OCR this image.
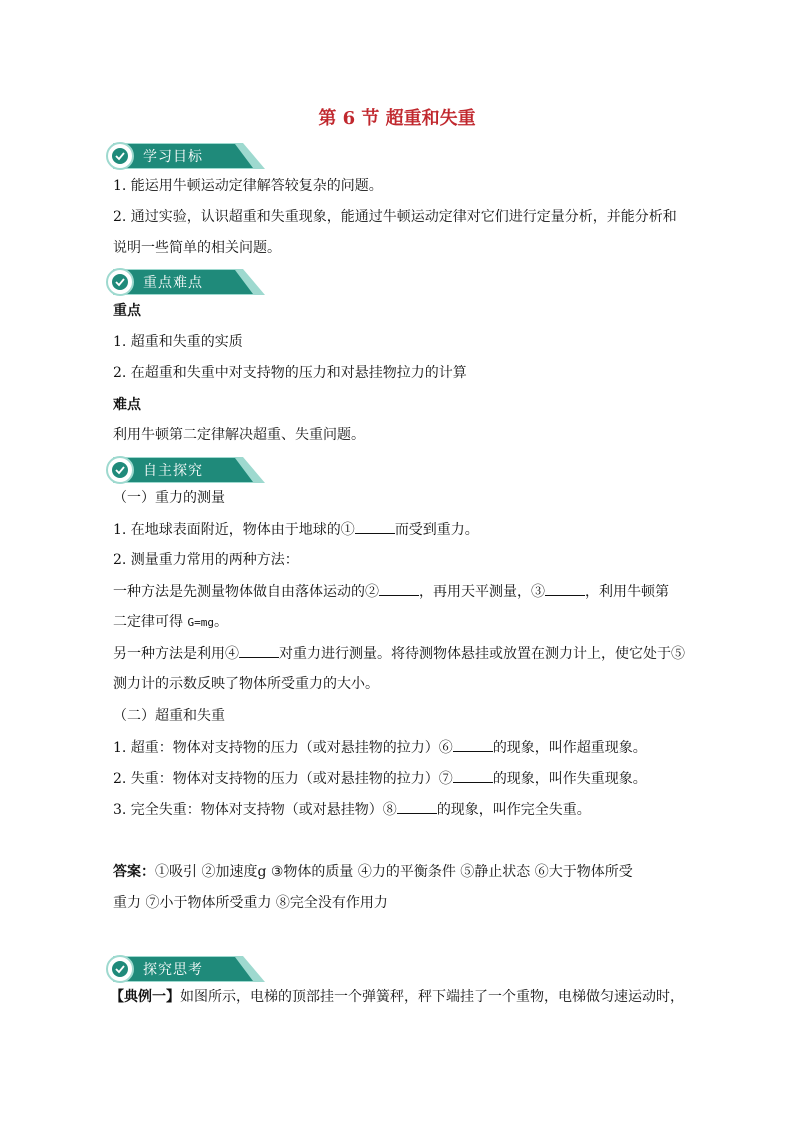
第 6 节 超重和失重
学习目标
1. 能运用牛顿运动定律解答较复杂的问题。
2. 通过实验，认识超重和失重现象，能通过牛顿运动定律对它们进行定量分析，并能分析和
说明一些简单的相关问题。
重点难点
重点
1. 超重和失重的实质
2. 在超重和失重中对支持物的压力和对悬挂物拉力的计算
难点
利用牛顿第二定律解决超重、失重问题。
自主探究
（一）重力的测量
1. 在地球表面附近，物体由于地球的①	而受到重力。
2. 测量重力常用的两种方法：
一种方法是先测量物体做自由落体运动的②	，再用天平测量，③	，利用牛顿第
二定律可得 G=mg。
另一种方法是利用④	对重力进行测量。将待测物体悬挂或放置在测力计上，使它处于⑤
测力计的示数反映了物体所受重力的大小。
（二）超重和失重
1. 超重：物体对支持物的压力（或对悬挂物的拉力）⑥	的现象，叫作超重现象。
2. 失重：物体对支持物的压力（或对悬挂物的拉力）⑦	的现象，叫作失重现象。
3. 完全失重：物体对支持物（或对悬挂物）⑧	的现象，叫作完全失重。
答案：①吸引 ②加速度g ③物体的质量 ④力的平衡条件 ⑤静止状态 ⑥大于物体所受
重力 ⑦小于物体所受重力 ⑧完全没有作用力
探究思考
【典例一】如图所示，电梯的顶部挂一个弹簧秤，秤下端挂了一个重物，电梯做匀速运动时，
